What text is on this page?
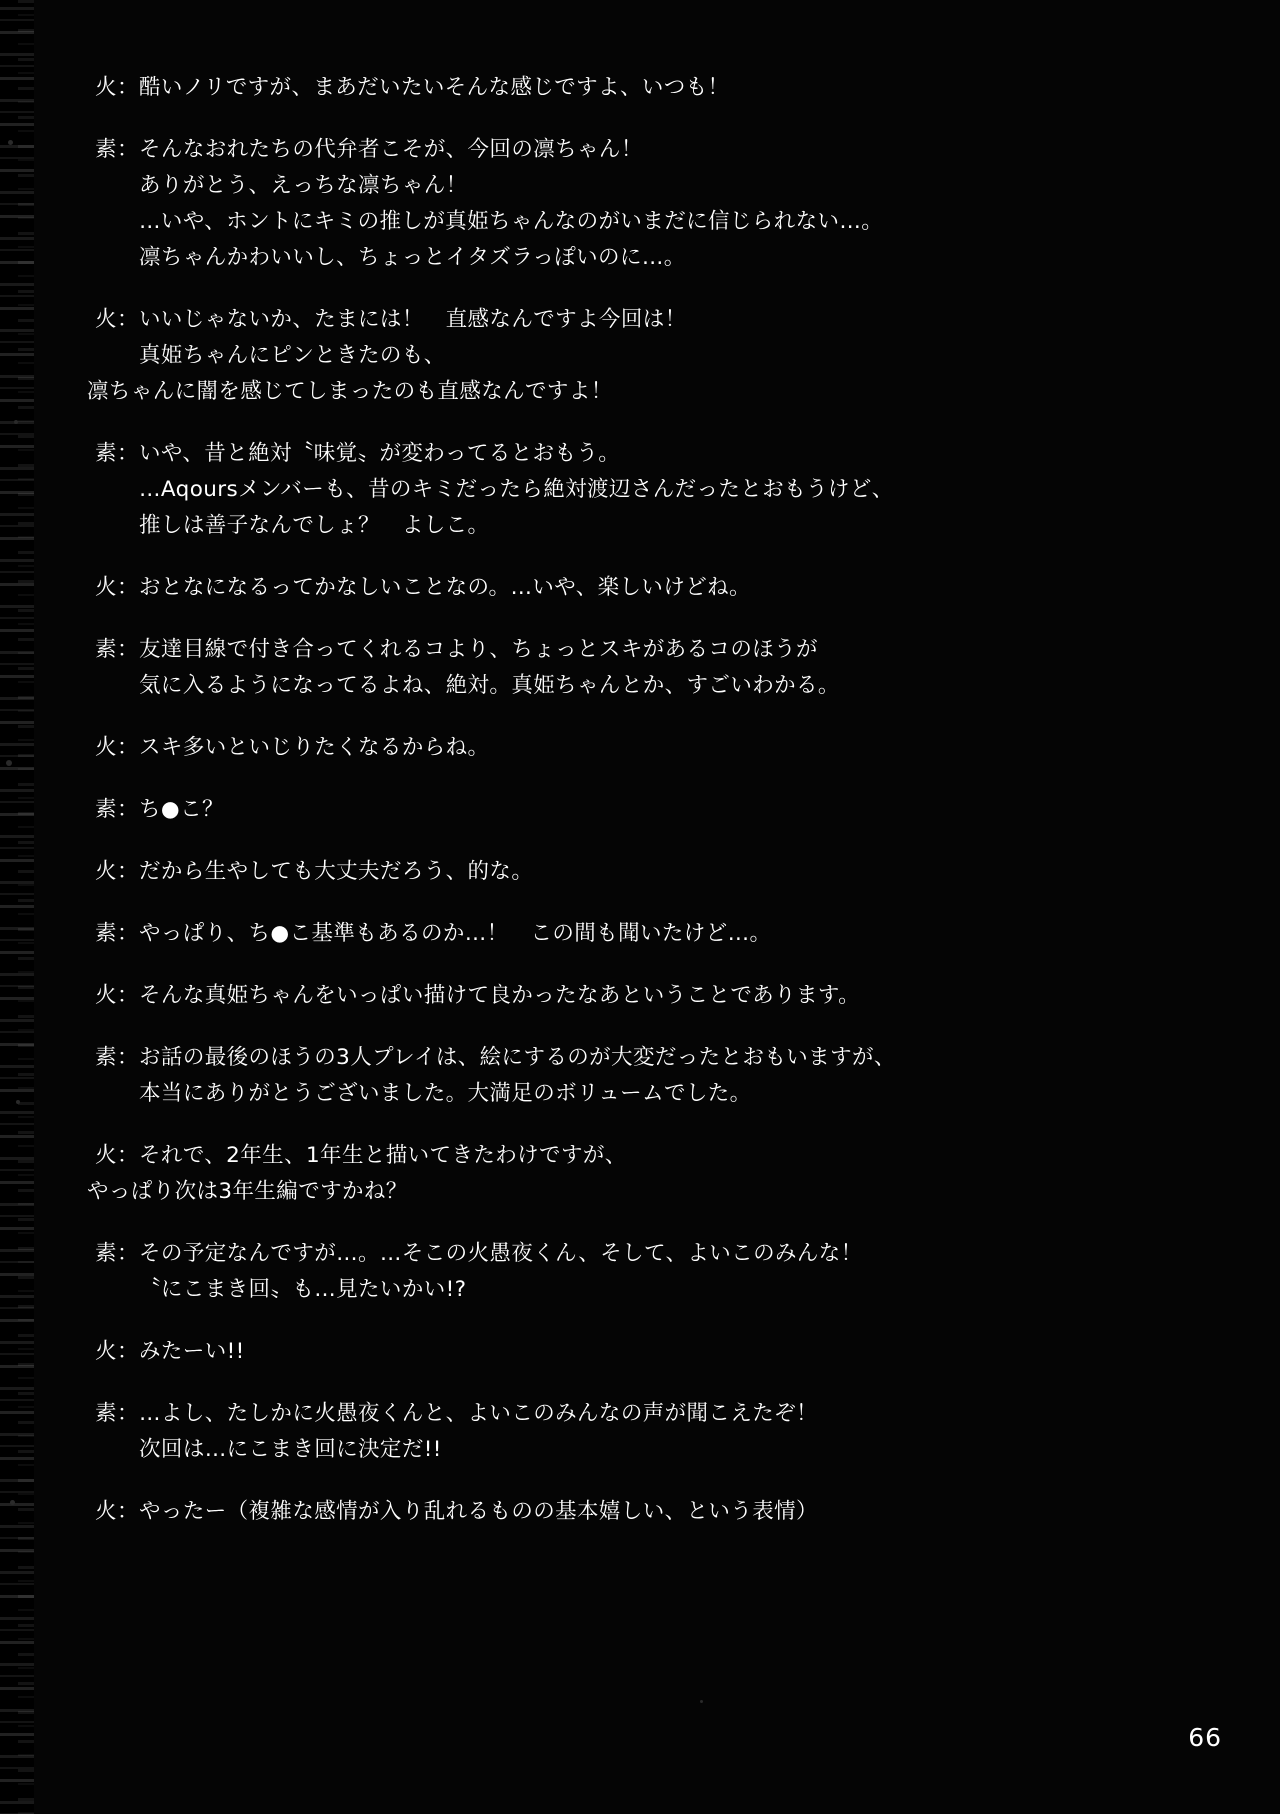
火： 酷いノリですが、まあだいたいそんな感じですよ、いつも！
素： そんなおれたちの代弁者こそが、今回の凛ちゃん！
ありがとう、えっちな凛ちゃん！
…いや、ホントにキミの推しが真姫ちゃんなのがいまだに信じられない…。
凛ちゃんかわいいし、ちょっとイタズラっぽいのに…。
火： いいじゃないか、たまには！　直感なんですよ今回は！
真姫ちゃんにピンときたのも、
凛ちゃんに闇を感じてしまったのも直感なんですよ！
素： いや、昔と絶対〝味覚〟が変わってるとおもう。
…Aqoursメンバーも、昔のキミだったら絶対渡辺さんだったとおもうけど、
推しは善子なんでしょ？　よしこ。
火： おとなになるってかなしいことなの。…いや、楽しいけどね。
素： 友達目線で付き合ってくれるコより、ちょっとスキがあるコのほうが
気に入るようになってるよね、絶対。真姫ちゃんとか、すごいわかる。
火： スキ多いといじりたくなるからね。
素： ち●こ？
火： だから生やしても大丈夫だろう、的な。
素： やっぱり、ち●こ基準もあるのか…！　この間も聞いたけど…。
火： そんな真姫ちゃんをいっぱい描けて良かったなあということであります。
素： お話の最後のほうの3人プレイは、絵にするのが大変だったとおもいますが、
本当にありがとうございました。大満足のボリュームでした。
火： それで、2年生、1年生と描いてきたわけですが、
やっぱり次は3年生編ですかね？
素： その予定なんですが…。…そこの火愚夜くん、そして、よいこのみんな！
〝にこまき回〟も…見たいかい!?
火： みたーい!!
素： …よし、たしかに火愚夜くんと、よいこのみんなの声が聞こえたぞ！
次回は…にこまき回に決定だ!!
火： やったー（複雑な感情が入り乱れるものの基本嬉しい、という表情）
66
